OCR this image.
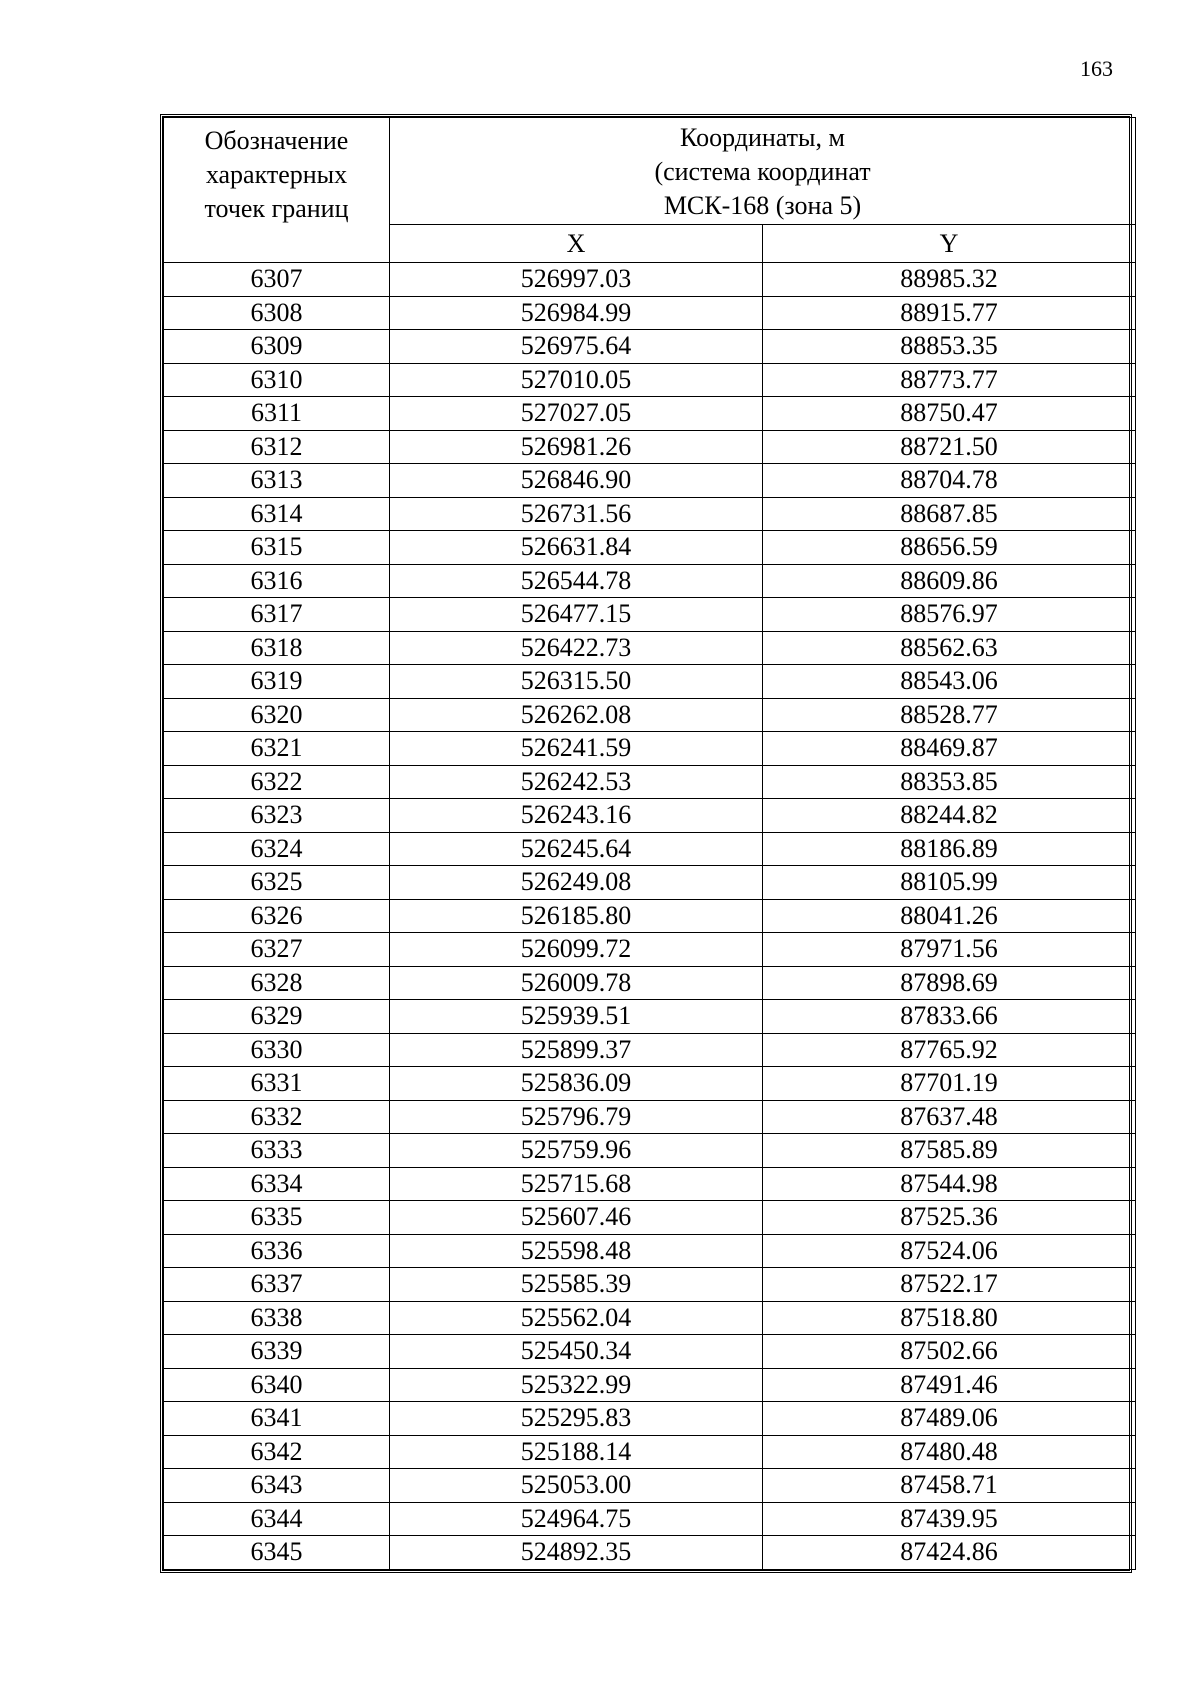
163
Обозначение
характерных
точек границ	Координаты, м
(система координат
МСК-168 (зона 5)	

	X	Y
6307	526997.03	88985.32
6308	526984.99	88915.77
6309	526975.64	88853.35
6310	527010.05	88773.77
6311	527027.05	88750.47
6312	526981.26	88721.50
6313	526846.90	88704.78
6314	526731.56	88687.85
6315	526631.84	88656.59
6316	526544.78	88609.86
6317	526477.15	88576.97
6318	526422.73	88562.63
6319	526315.50	88543.06
6320	526262.08	88528.77
6321	526241.59	88469.87
6322	526242.53	88353.85
6323	526243.16	88244.82
6324	526245.64	88186.89
6325	526249.08	88105.99
6326	526185.80	88041.26
6327	526099.72	87971.56
6328	526009.78	87898.69
6329	525939.51	87833.66
6330	525899.37	87765.92
6331	525836.09	87701.19
6332	525796.79	87637.48
6333	525759.96	87585.89
6334	525715.68	87544.98
6335	525607.46	87525.36
6336	525598.48	87524.06
6337	525585.39	87522.17
6338	525562.04	87518.80
6339	525450.34	87502.66
6340	525322.99	87491.46
6341	525295.83	87489.06
6342	525188.14	87480.48
6343	525053.00	87458.71
6344	524964.75	87439.95
6345	524892.35	87424.86
